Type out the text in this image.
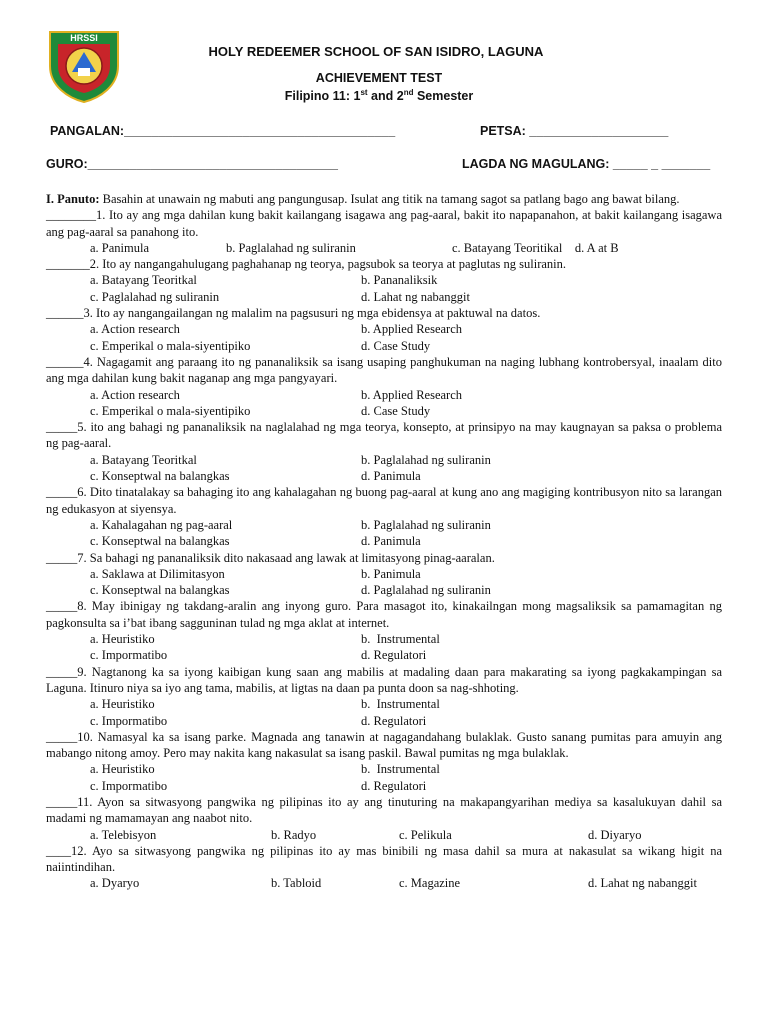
HRSSI
HOLY REDEEMER SCHOOL OF SAN ISIDRO, LAGUNA
ACHIEVEMENT TEST
Filipino 11: 1st and 2nd Semester
PANGALAN:_______________________________________	PETSA: ____________________
GURO:____________________________________	LAGDA NG MAGULANG: _____ _ _______

I. Panuto: Basahin at unawain ng mabuti ang pangungusap. Isulat ang titik na tamang sagot sa patlang bago ang bawat bilang.

________1. Ito ay ang mga dahilan kung bakit kailangang isagawa ang pag-aaral, bakit ito napapanahon, at bakit kailangang isagawa ang pag-aaral sa panahong ito.

a. Panimula	b. Paglalahad ng suliranin	c. Batayang Teoritikal    d. A at B

_______2. Ito ay nangangahulugang paghahanap ng teorya, pagsubok sa teorya at paglutas ng suliranin.

a. Batayang Teoritkal	b. Pananaliksik
c. Paglalahad ng suliranin	d. Lahat ng nabanggit

______3. Ito ay nangangailangan ng malalim na pagsusuri ng mga ebidensya at paktuwal na datos.

a. Action research	b. Applied Research
c. Emperikal o mala-siyentipiko	d. Case Study

______4. Nagagamit ang paraang ito ng pananaliksik sa isang usaping panghukuman na naging lubhang kontrobersyal, inaalam dito ang mga dahilan kung bakit naganap ang mga pangyayari.

a. Action research	b. Applied Research
c. Emperikal o mala-siyentipiko	d. Case Study

_____5. ito ang bahagi ng pananaliksik na naglalahad ng mga teorya, konsepto, at prinsipyo na may kaugnayan sa paksa o problema ng pag-aaral.

a. Batayang Teoritkal	b. Paglalahad ng suliranin
c. Konseptwal na balangkas	d. Panimula

_____6. Dito tinatalakay sa bahaging ito ang kahalagahan ng buong pag-aaral at kung ano ang magiging kontribusyon nito sa larangan ng edukasyon at siyensya.

a. Kahalagahan ng pag-aaral	b. Paglalahad ng suliranin
c. Konseptwal na balangkas	d. Panimula

_____7. Sa bahagi ng pananaliksik dito nakasaad ang lawak at limitasyong pinag-aaralan.

a. Saklawa at Dilimitasyon	b. Panimula
c. Konseptwal na balangkas	d. Paglalahad ng suliranin

_____8. May ibinigay ng takdang-aralin ang inyong guro. Para masagot ito, kinakailngan mong magsaliksik sa pamamagitan ng pagkonsulta sa i’bat ibang sagguninan tulad ng mga aklat at internet.

a. Heuristiko	b.  Instrumental
c. Impormatibo	d. Regulatori

_____9. Nagtanong ka sa iyong kaibigan kung saan ang mabilis at madaling daan para makarating sa iyong pagkakampingan sa Laguna. Itinuro niya sa iyo ang tama, mabilis, at ligtas na daan pa punta doon sa nag-shhoting.

a. Heuristiko	b.  Instrumental
c. Impormatibo	d. Regulatori

_____10. Namasyal ka sa isang parke. Magnada ang tanawin at nagagandahang bulaklak. Gusto sanang pumitas para amuyin ang mabango nitong amoy. Pero may nakita kang nakasulat sa isang paskil. Bawal pumitas ng mga bulaklak.

a. Heuristiko	b.  Instrumental
c. Impormatibo	d. Regulatori

_____11. Ayon sa sitwasyong pangwika ng pilipinas ito ay ang tinuturing na makapangyarihan mediya sa kasalukuyan dahil sa madami ng mamamayan ang naabot nito.

a. Telebisyon	b. Radyo	c. Pelikula	d. Diyaryo

____12. Ayo sa sitwasyong pangwika ng pilipinas ito ay mas binibili ng masa dahil sa mura at nakasulat sa wikang higit na naiintindihan.

a. Dyaryo	b. Tabloid	c. Magazine	d. Lahat ng nabanggit
